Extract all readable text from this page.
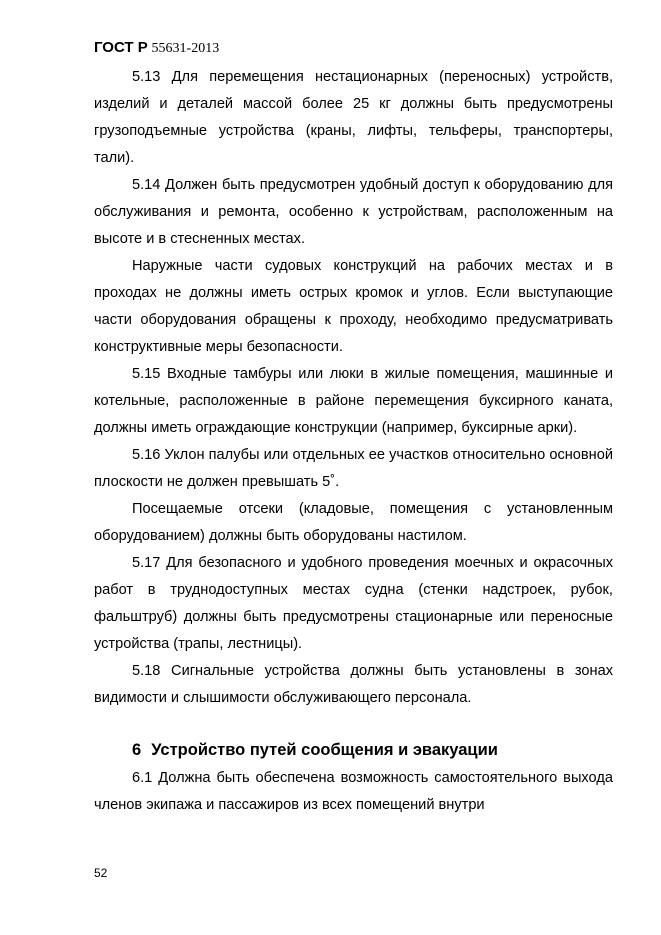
ГОСТ Р 55631-2013

5.13 Для перемещения нестационарных (переносных) устройств, изделий и деталей массой более 25 кг должны быть предусмотрены грузоподъемные устройства (краны, лифты, тельферы, транспортеры, тали).

5.14 Должен быть предусмотрен удобный доступ к оборудованию для обслуживания и ремонта, особенно к устройствам, расположенным на высоте и в стесненных местах.

Наружные части судовых конструкций на рабочих местах и в проходах не должны иметь острых кромок и углов. Если выступающие части оборудования обращены к проходу, необходимо предусматривать конструктивные меры безопасности.

5.15 Входные тамбуры или люки в жилые помещения, машинные и котельные, расположенные в районе перемещения буксирного каната, должны иметь ограждающие конструкции (например, буксирные арки).

5.16 Уклон палубы или отдельных ее участков относительно основной плоскости не должен превышать 5˚.

Посещаемые отсеки (кладовые, помещения с установленным оборудованием) должны быть оборудованы настилом.

5.17 Для безопасного и удобного проведения моечных и окрасочных работ в труднодоступных местах судна (стенки надстроек, рубок, фальштруб) должны быть предусмотрены стационарные или переносные устройства (трапы, лестницы).

5.18 Сигнальные устройства должны быть установлены в зонах видимости и слышимости обслуживающего персонала.

6 Устройство путей сообщения и эвакуации

6.1 Должна быть обеспечена возможность самостоятельного выхода членов экипажа и пассажиров из всех помещений внутри

52
